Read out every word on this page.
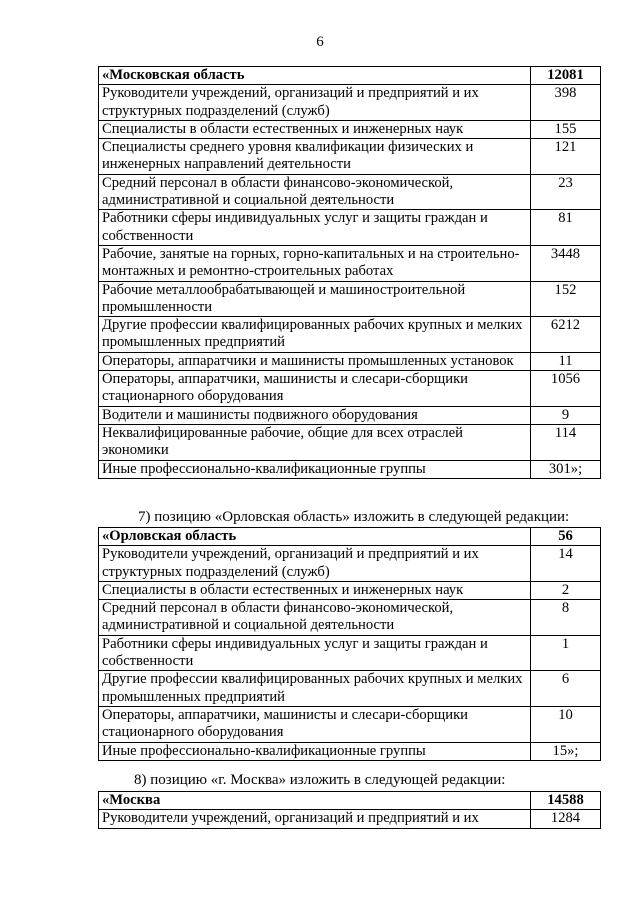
6
«Московская область	12081
Руководители учреждений, организаций и предприятий и их структурных подразделений (служб)	398
Специалисты в области естественных и инженерных наук	155
Специалисты среднего уровня квалификации физических и инженерных направлений деятельности	121
Средний персонал в области финансово-экономической, административной и социальной деятельности	23
Работники сферы индивидуальных услуг и защиты граждан и собственности	81
Рабочие, занятые на горных, горно-капитальных и на строительно-монтажных и ремонтно-строительных работах	3448
Рабочие металлообрабатывающей и машиностроительной промышленности	152
Другие профессии квалифицированных рабочих крупных и мелких промышленных предприятий	6212
Операторы, аппаратчики и машинисты промышленных установок	11
Операторы, аппаратчики, машинисты и слесари-сборщики стационарного оборудования	1056
Водители и машинисты подвижного оборудования	9
Неквалифицированные рабочие, общие для всех отраслей экономики	114
Иные профессионально-квалификационные группы	301»;
7) позицию «Орловская область» изложить в следующей редакции:
«Орловская область	56
Руководители учреждений, организаций и предприятий и их структурных подразделений (служб)	14
Специалисты в области естественных и инженерных наук	2
Средний персонал в области финансово-экономической, административной и социальной деятельности	8
Работники сферы индивидуальных услуг и защиты граждан и собственности	1
Другие профессии квалифицированных рабочих крупных и мелких промышленных предприятий	6
Операторы, аппаратчики, машинисты и слесари-сборщики стационарного оборудования	10
Иные профессионально-квалификационные группы	15»;
8) позицию «г. Москва» изложить в следующей редакции:
«Москва	14588
Руководители учреждений, организаций и предприятий и их	1284
